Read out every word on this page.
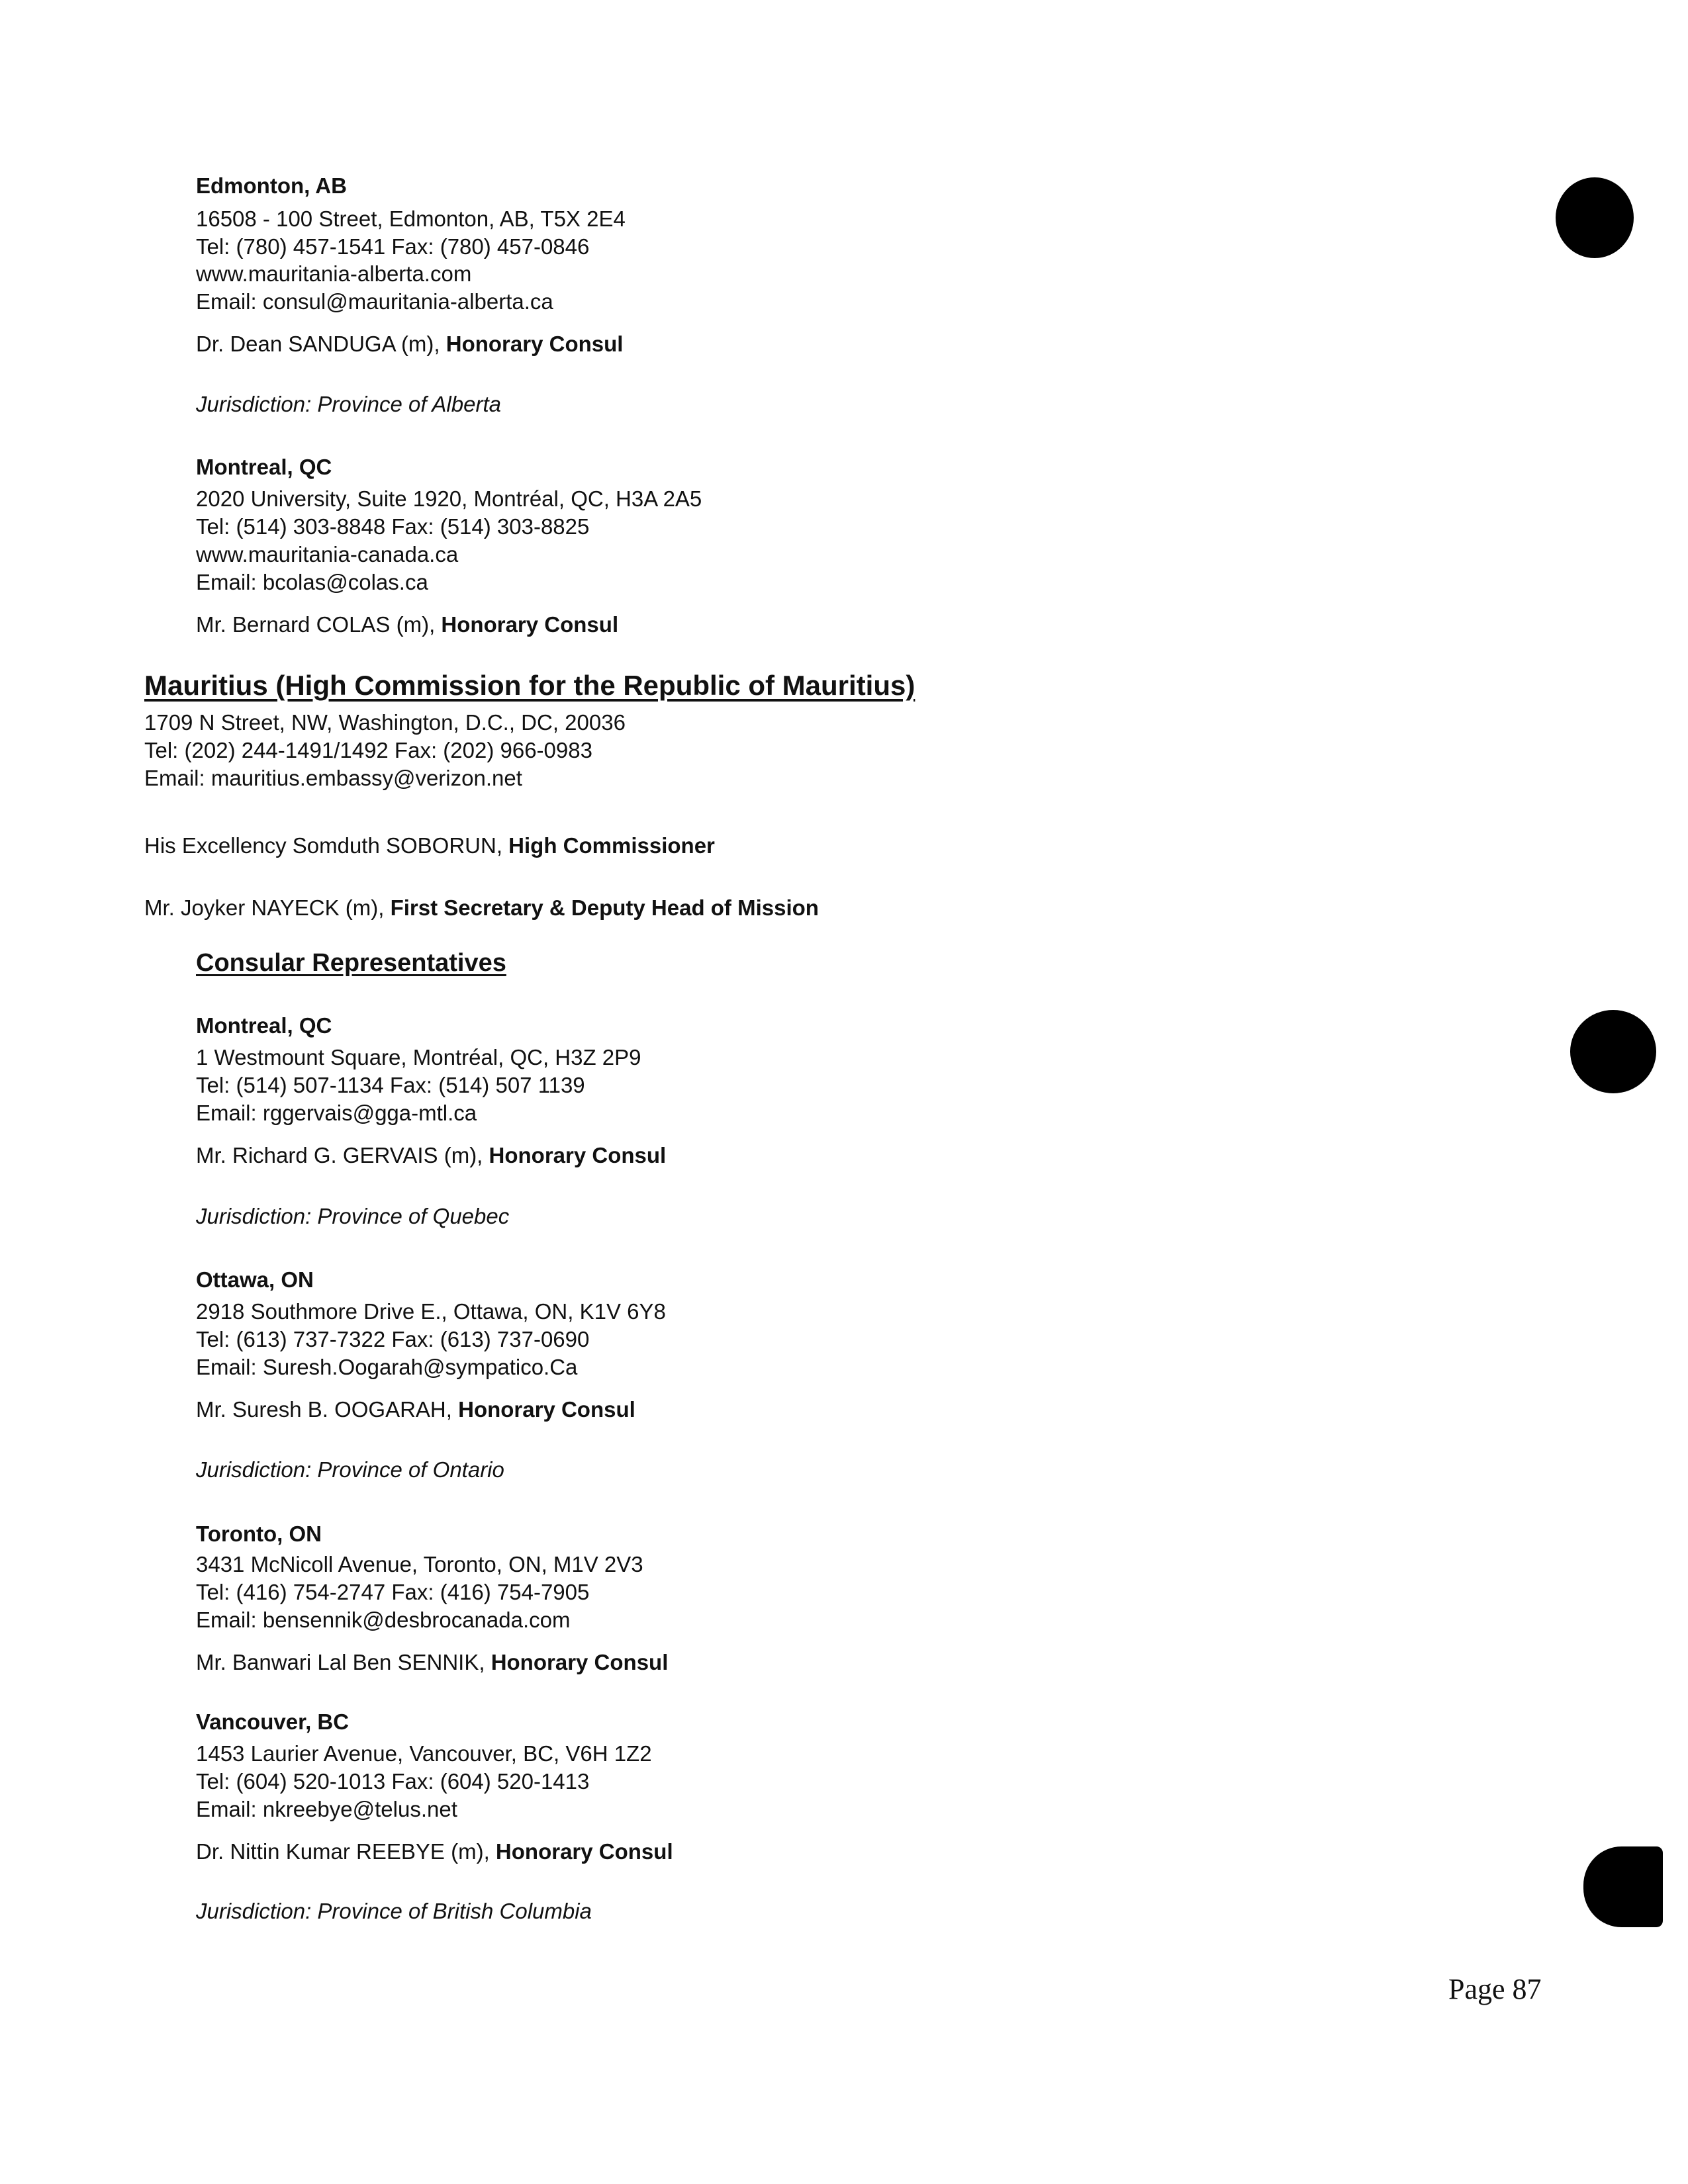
Edmonton, AB
16508 - 100 Street, Edmonton, AB, T5X 2E4
Tel: (780) 457-1541 Fax: (780) 457-0846
www.mauritania-alberta.com
Email: consul@mauritania-alberta.ca
Dr. Dean SANDUGA (m), Honorary Consul
Jurisdiction: Province of Alberta
Montreal, QC
2020 University, Suite 1920, Montréal, QC, H3A 2A5
Tel: (514) 303-8848 Fax: (514) 303-8825
www.mauritania-canada.ca
Email: bcolas@colas.ca
Mr. Bernard COLAS (m), Honorary Consul
Mauritius (High Commission for the Republic of Mauritius)
1709 N Street, NW, Washington, D.C., DC, 20036
Tel: (202) 244-1491/1492 Fax: (202) 966-0983
Email: mauritius.embassy@verizon.net
His Excellency Somduth SOBORUN, High Commissioner
Mr. Joyker NAYECK (m), First Secretary & Deputy Head of Mission
Consular Representatives
Montreal, QC
1 Westmount Square, Montréal, QC, H3Z 2P9
Tel: (514) 507-1134 Fax: (514) 507 1139
Email: rggervais@gga-mtl.ca
Mr. Richard G. GERVAIS (m), Honorary Consul
Jurisdiction: Province of Quebec
Ottawa, ON
2918 Southmore Drive E., Ottawa, ON, K1V 6Y8
Tel: (613) 737-7322 Fax: (613) 737-0690
Email: Suresh.Oogarah@sympatico.Ca
Mr. Suresh B. OOGARAH, Honorary Consul
Jurisdiction: Province of Ontario
Toronto, ON
3431 McNicoll Avenue, Toronto, ON, M1V 2V3
Tel: (416) 754-2747 Fax: (416) 754-7905
Email: bensennik@desbrocanada.com
Mr. Banwari Lal Ben SENNIK, Honorary Consul
Vancouver, BC
1453 Laurier Avenue, Vancouver, BC, V6H 1Z2
Tel: (604) 520-1013 Fax: (604) 520-1413
Email: nkreebye@telus.net
Dr. Nittin Kumar REEBYE (m), Honorary Consul
Jurisdiction: Province of British Columbia
Page 87
